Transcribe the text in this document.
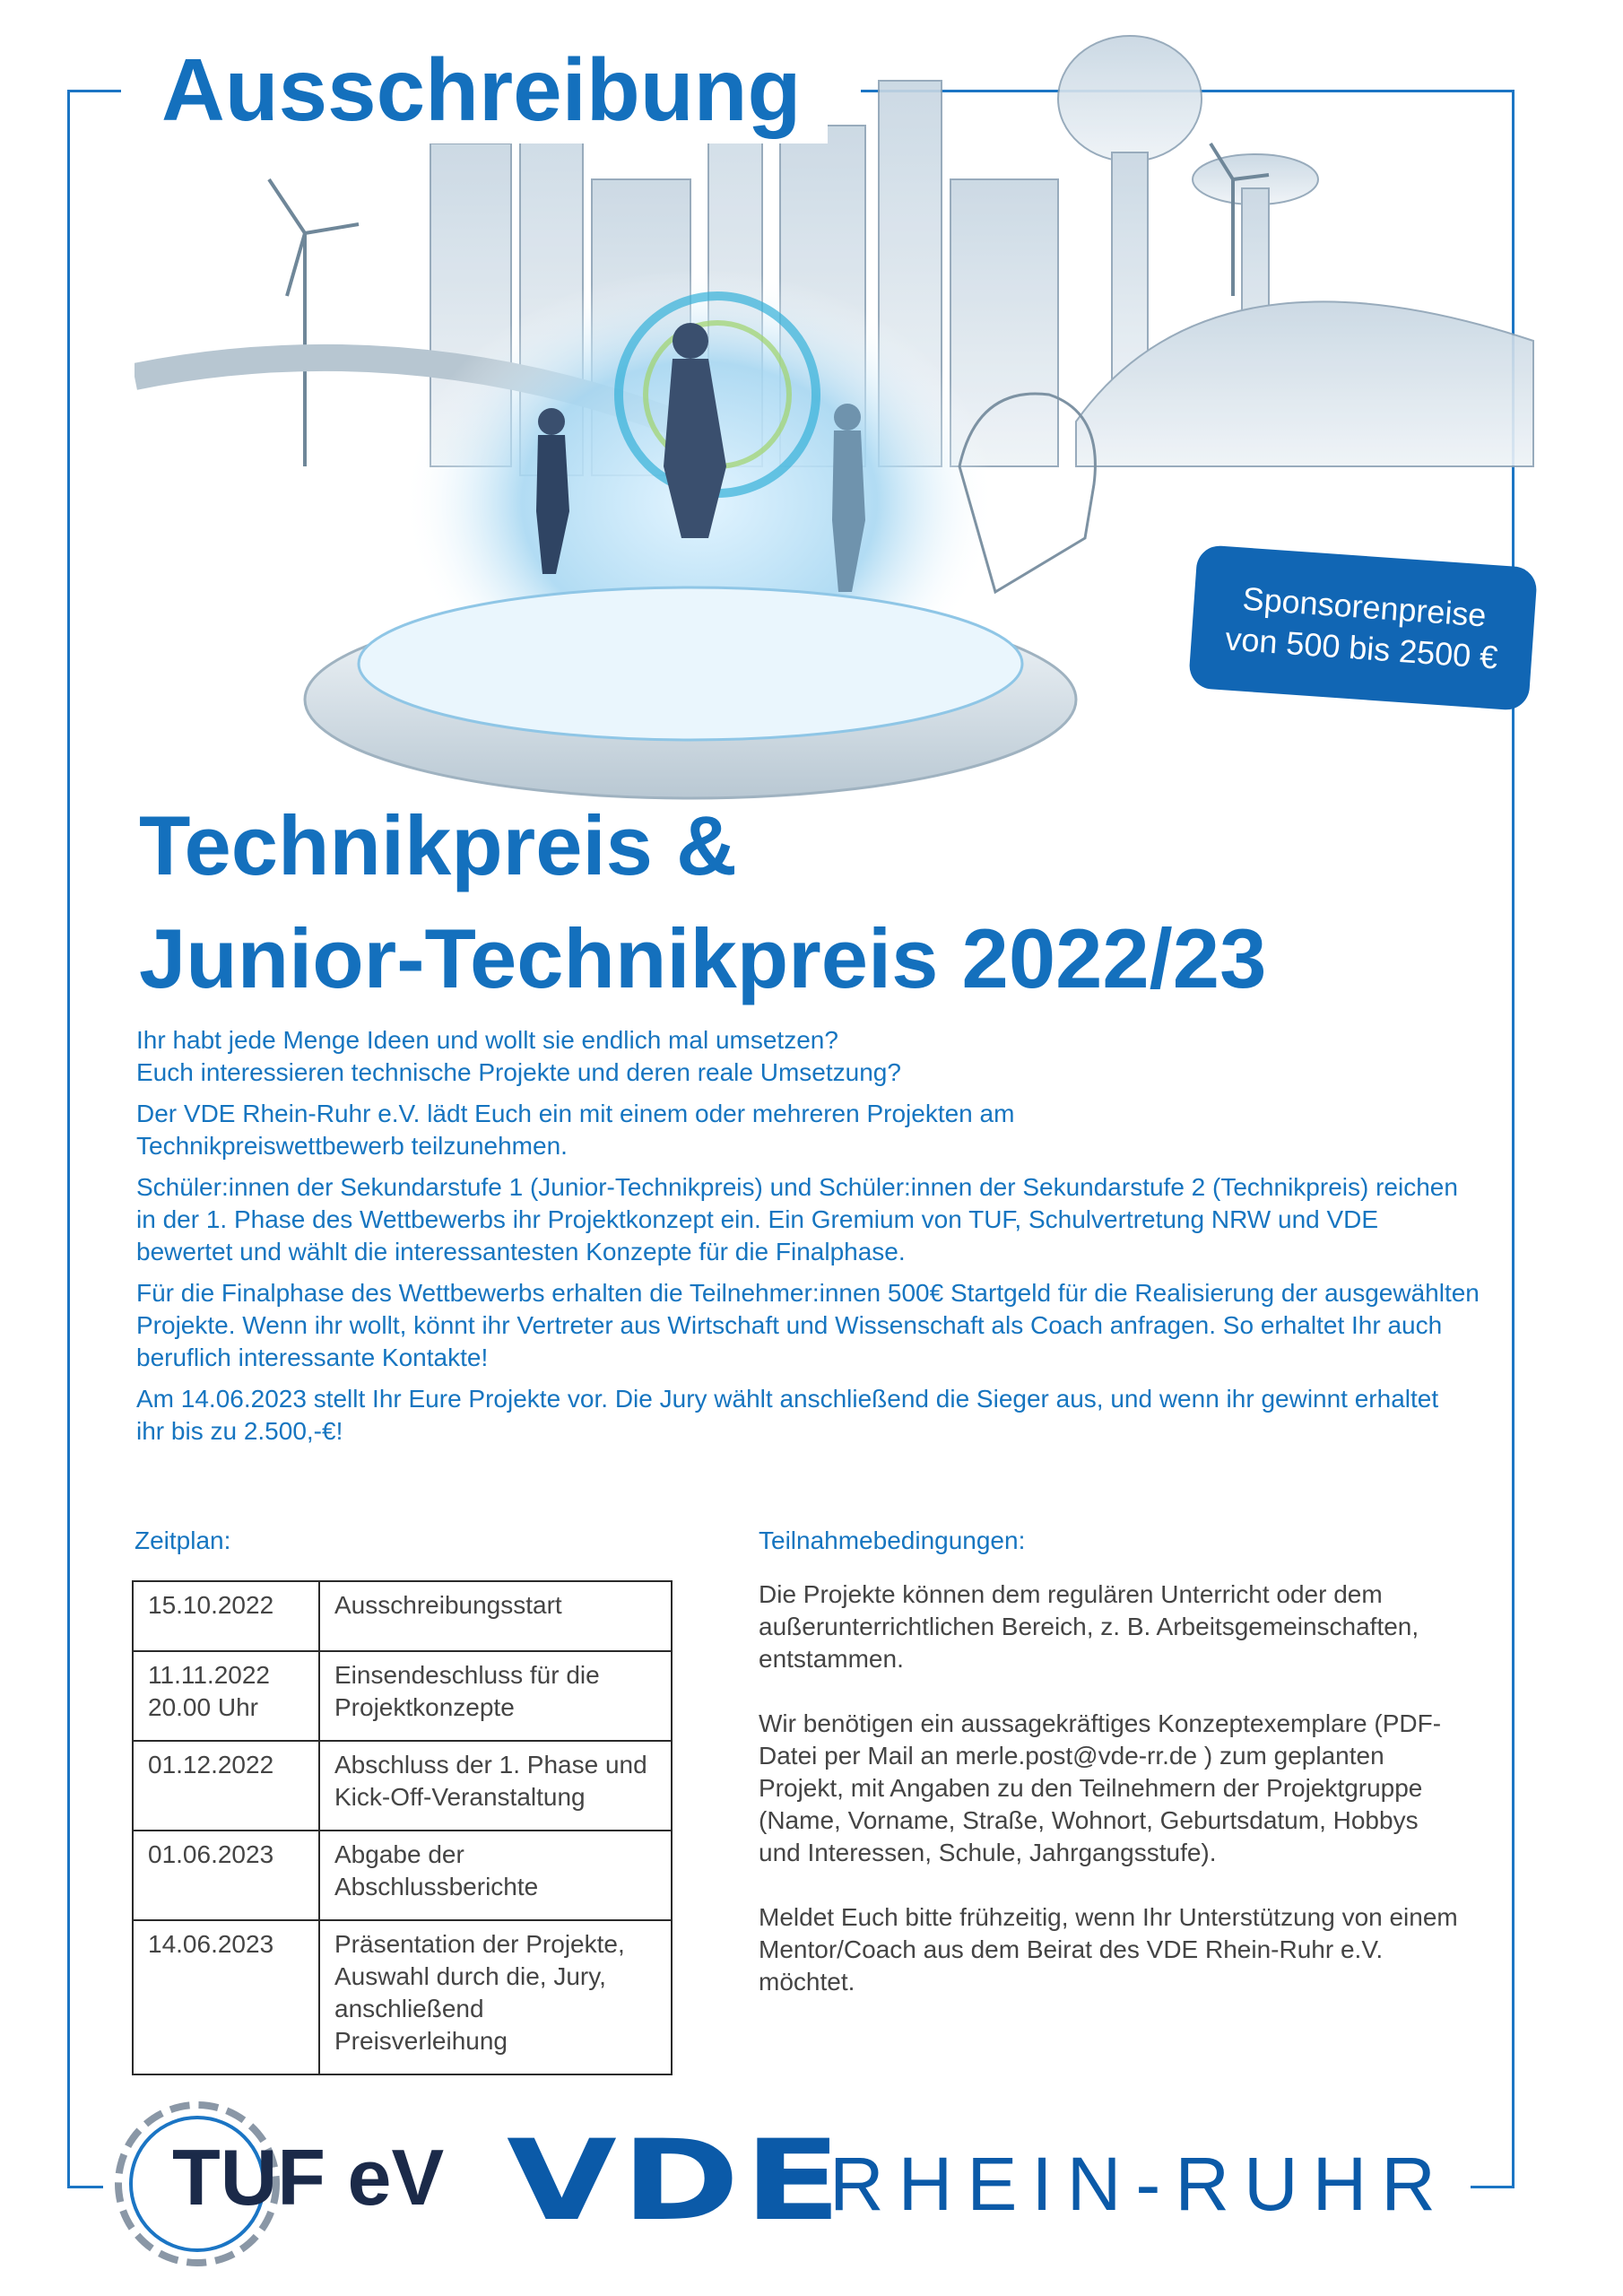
Ausschreibung
Sponsorenpreise
von 500 bis 2500 €
Technikpreis &
Junior-Technikpreis 2022/23

Ihr habt jede Menge Ideen und wollt sie endlich mal umsetzen?

Euch interessieren technische Projekte und deren reale Umsetzung?

Der VDE Rhein-Ruhr e.V. lädt Euch ein mit einem oder mehreren Projekten am Technikpreiswettbewerb teilzunehmen.

Schüler:innen der Sekundarstufe 1 (Junior-Technikpreis) und Schüler:innen der Sekundarstufe 2 (Technikpreis) reichen in der 1. Phase des Wettbewerbs ihr Projektkonzept ein. Ein Gremium von TUF, Schulvertretung NRW und VDE bewertet und wählt die interessantesten Konzepte für die Finalphase.

Für die Finalphase des Wettbewerbs erhalten die Teilnehmer:innen 500€ Startgeld für die Realisierung der ausgewählten Projekte. Wenn ihr wollt, könnt ihr Vertreter aus Wirtschaft und Wissenschaft als Coach anfragen. So erhaltet Ihr auch beruflich interessante Kontakte!

Am 14.06.2023 stellt Ihr Eure Projekte vor. Die Jury wählt anschließend die Sieger aus, und wenn ihr gewinnt erhaltet ihr bis zu 2.500,-€!

Zeitplan:

15.10.2022	Ausschreibungsstart
11.11.2022
20.00 Uhr	Einsendeschluss für die Projektkonzepte
01.12.2022	Abschluss der 1. Phase und Kick-Off-Veranstaltung
01.06.2023	Abgabe der Abschlussberichte
14.06.2023	Präsentation der Projekte, Auswahl durch die, Jury, anschließend Preisverleihung

Teilnahmebedingungen:

Die Projekte können dem regulären Unterricht oder dem außerunterrichtlichen Bereich, z. B. Arbeitsgemeinschaften, entstammen.

Wir benötigen ein aussagekräftiges Konzeptexemplare (PDF-Datei per Mail an merle.post@vde-rr.de ) zum geplanten Projekt, mit Angaben zu den Teilnehmern der Projektgruppe (Name, Vorname, Straße, Wohnort, Geburtsdatum, Hobbys und Interessen, Schule, Jahrgangsstufe).

Meldet Euch bitte frühzeitig, wenn Ihr Unterstützung von einem Mentor/Coach aus dem Beirat des VDE Rhein-Ruhr e.V. möchtet.

TUF eV VDE

RHEIN-RUHR
